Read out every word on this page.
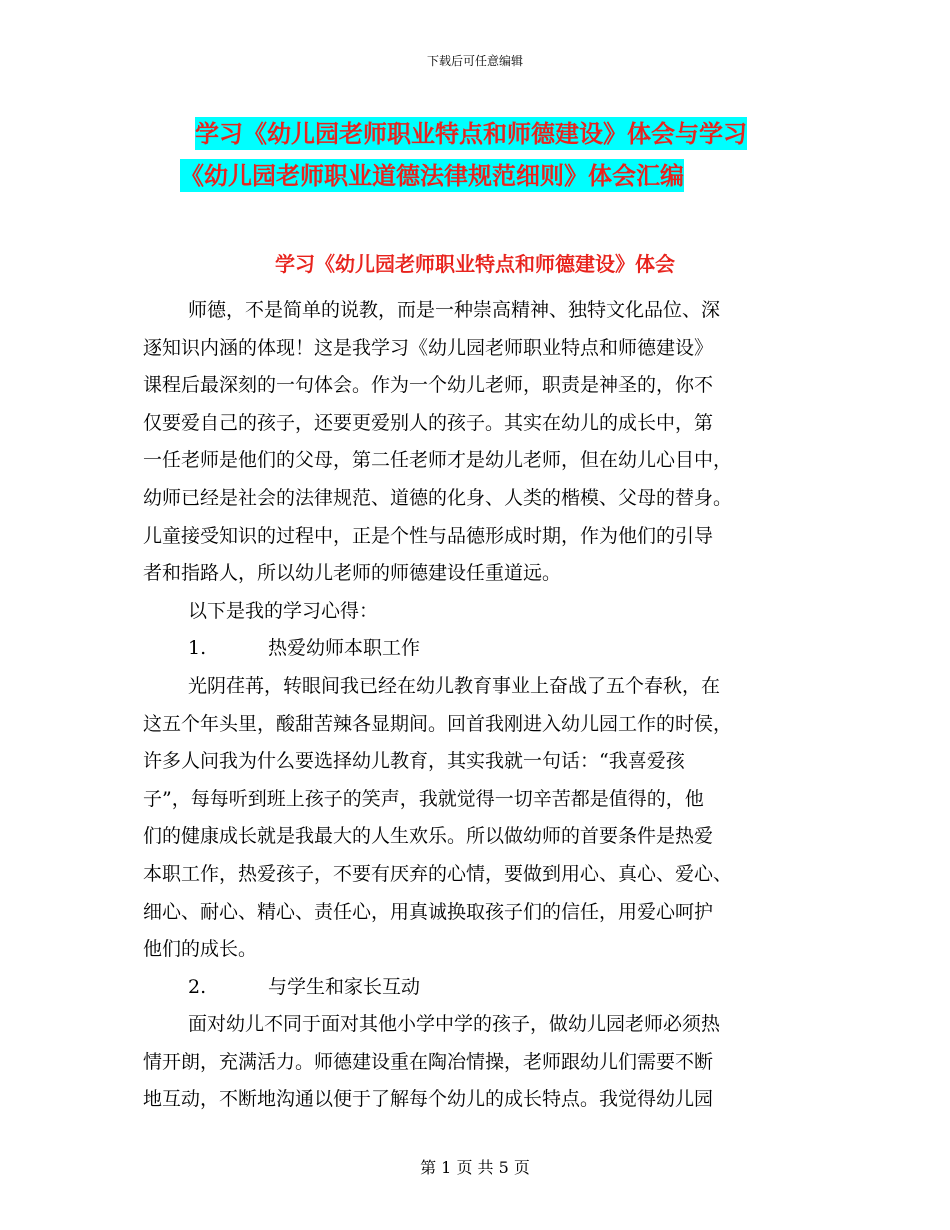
下载后可任意编辑
学习《幼儿园老师职业特点和师德建设》体会与学习
《幼儿园老师职业道德法律规范细则》体会汇编
学习《幼儿园老师职业特点和师德建设》体会
师德，不是简单的说教，而是一种崇高精神、独特文化品位、深
逐知识内涵的体现！这是我学习《幼儿园老师职业特点和师德建设》
课程后最深刻的一句体会。作为一个幼儿老师，职责是神圣的，你不
仅要爱自己的孩子，还要更爱别人的孩子。其实在幼儿的成长中，第
一任老师是他们的父母，第二任老师才是幼儿老师，但在幼儿心目中，
幼师已经是社会的法律规范、道德的化身、人类的楷模、父母的替身。
儿童接受知识的过程中，正是个性与品德形成时期，作为他们的引导
者和指路人，所以幼儿老师的师德建设任重道远。
以下是我的学习心得：
1.	热爱幼师本职工作
光阴荏苒，转眼间我已经在幼儿教育事业上奋战了五个春秋，在
这五个年头里，酸甜苦辣各显期间。回首我刚进入幼儿园工作的时侯，
许多人问我为什么要选择幼儿教育，其实我就一句话：“我喜爱孩
子”，每每听到班上孩子的笑声，我就觉得一切辛苦都是值得的，他
们的健康成长就是我最大的人生欢乐。所以做幼师的首要条件是热爱
本职工作，热爱孩子，不要有厌弃的心情，要做到用心、真心、爱心、
细心、耐心、精心、责任心，用真诚换取孩子们的信任，用爱心呵护
他们的成长。
2.	与学生和家长互动
面对幼儿不同于面对其他小学中学的孩子，做幼儿园老师必须热
情开朗，充满活力。师德建设重在陶冶情操，老师跟幼儿们需要不断
地互动，不断地沟通以便于了解每个幼儿的成长特点。我觉得幼儿园
第 1 页 共 5 页
